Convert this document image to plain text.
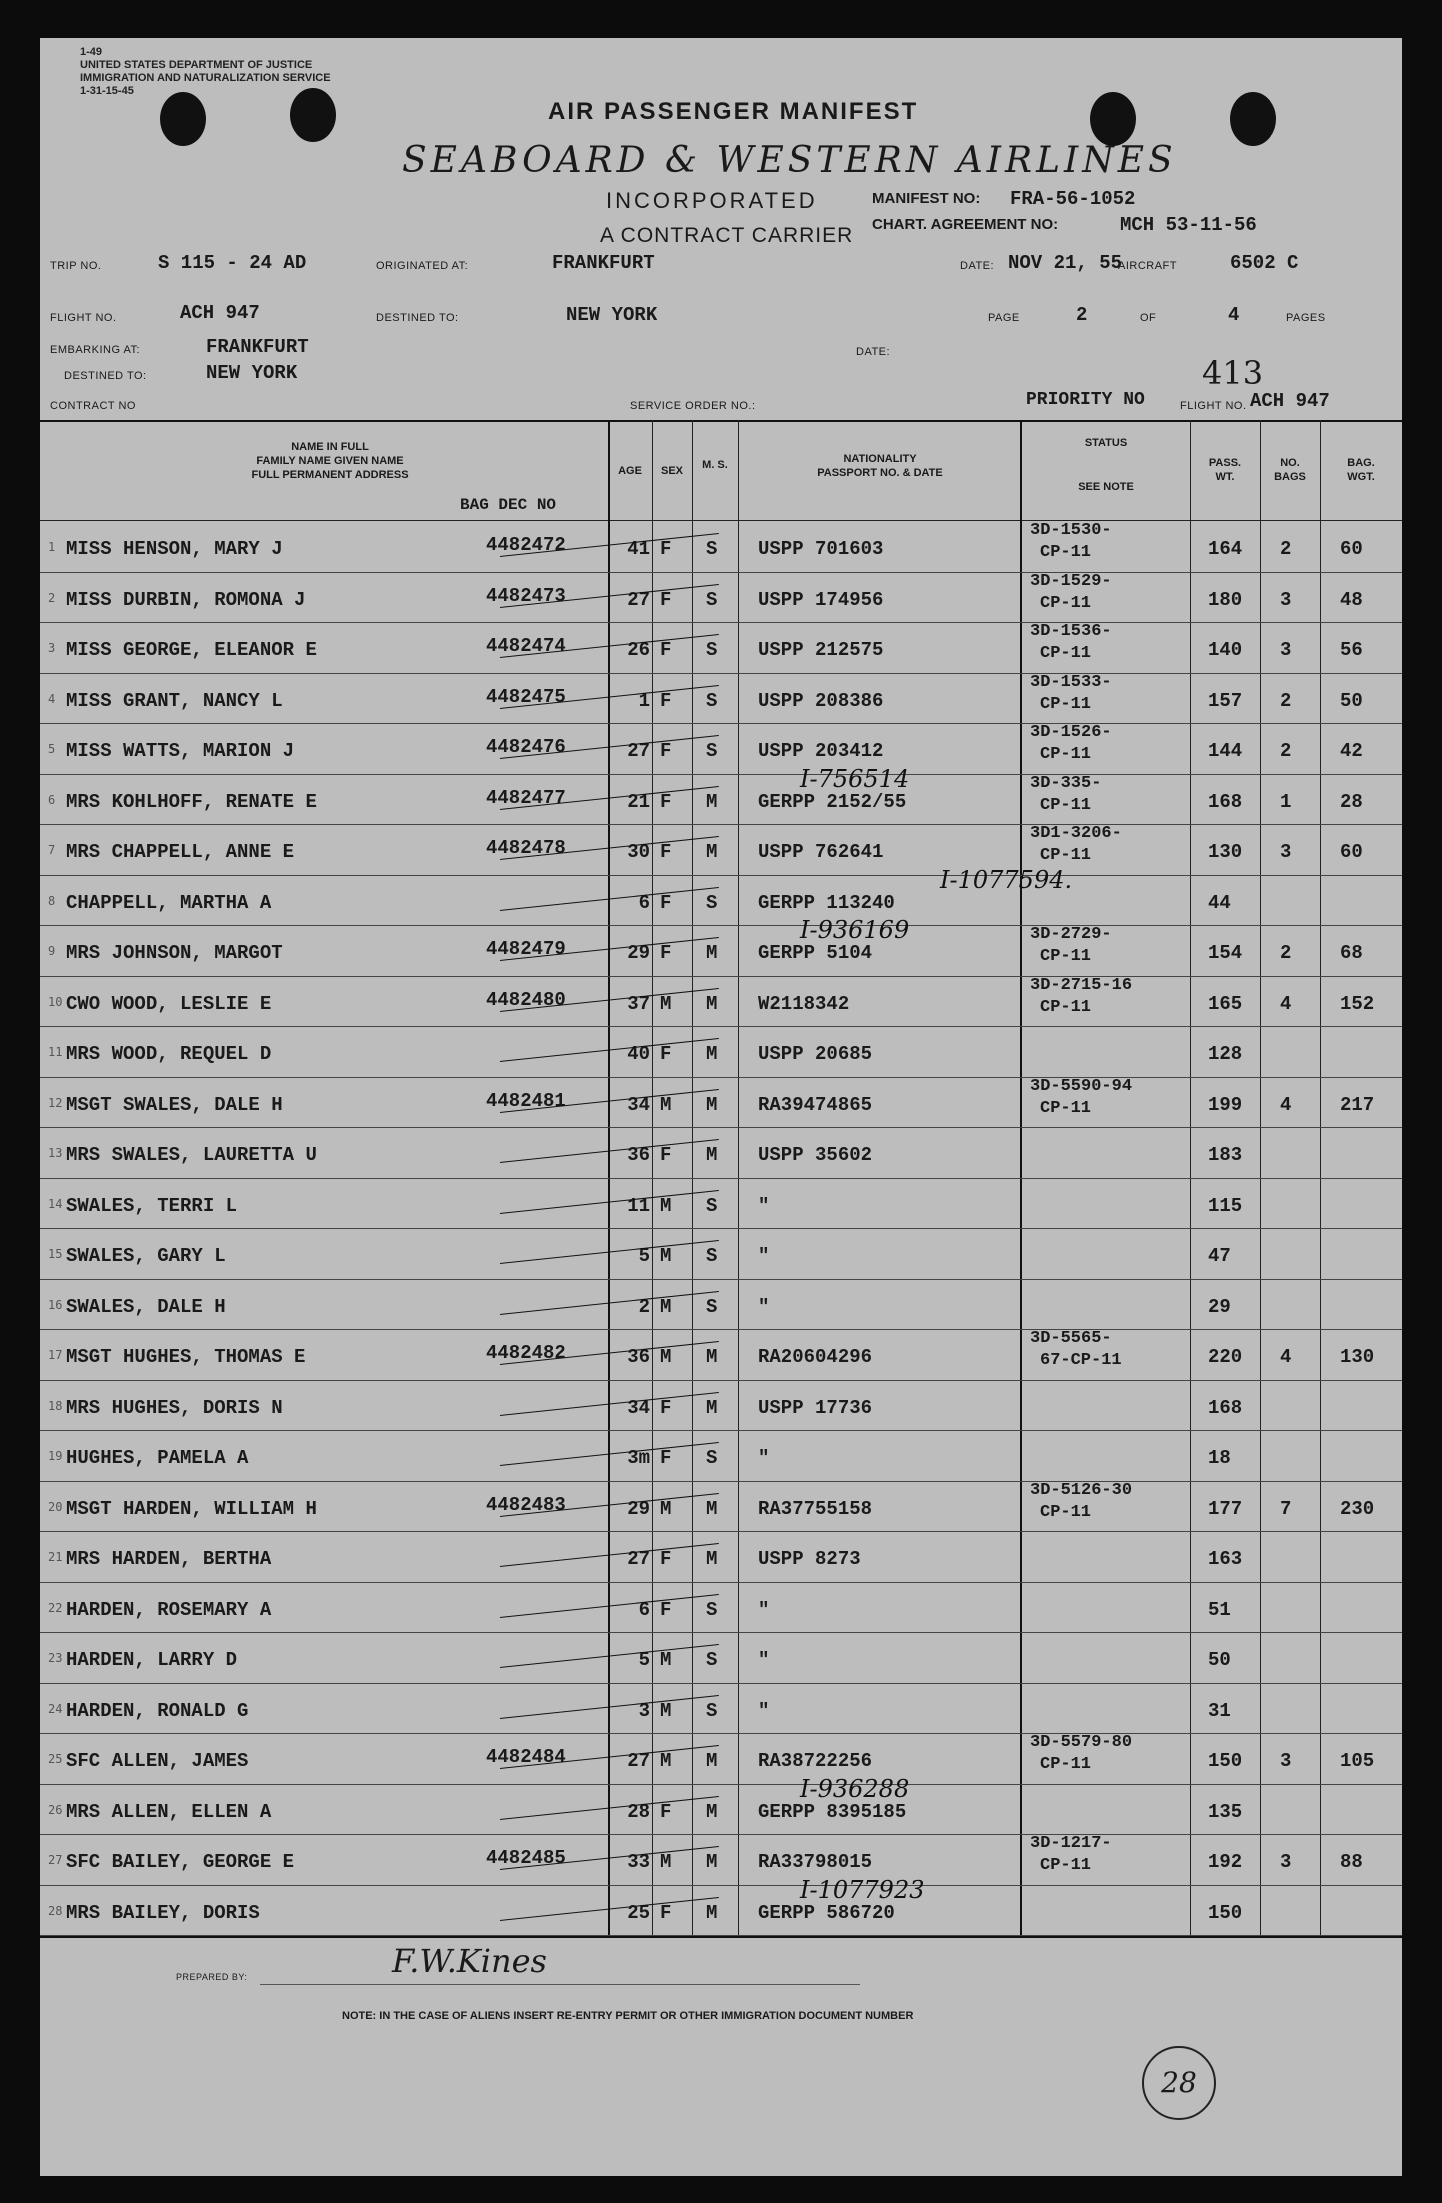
1-49
UNITED STATES DEPARTMENT OF JUSTICE
IMMIGRATION AND NATURALIZATION SERVICE
1-31-15-45
AIR PASSENGER MANIFEST
SEABOARD & WESTERN AIRLINES
INCORPORATED
A CONTRACT CARRIER
MANIFEST NO: FRA-56-1052
CHART. AGREEMENT NO:	MCH 53-11-56
TRIP NO.	S 115 - 24 AD	ORIGINATED AT:	FRANKFURT	DATE: NOV 21, 55
AIRCRAFT	6502 C
FLIGHT NO.	ACH 947	DESTINED TO:	NEW YORK	PAGE	2	OF	4	PAGES
EMBARKING AT:	FRANKFURT	DATE:
DESTINED TO:	NEW YORK	413
CONTRACT NO	SERVICE ORDER NO.:	PRIORITY NO	FLIGHT NO. ACH 947
NAME IN FULL
FAMILY NAME GIVEN NAME
FULL PERMANENT ADDRESS
BAG DEC NO
AGE	SEX	M. S.	NATIONALITY
PASSPORT NO. & DATE
STATUS
SEE NOTE
PASS.
WT.
NO.
BAGS
BAG.
WGT.
1 MISS HENSON, MARY J	4482472	41 F S USPP 701603
3D-1530-
CP-11	164 2	60
2 MISS DURBIN, ROMONA J	4482473	27 F S USPP 174956
3D-1529-
CP-11	180 3	48
3 MISS GEORGE, ELEANOR E	4482474	26 F S USPP 212575
3D-1536-
CP-11	140 3	56
4 MISS GRANT, NANCY L	4482475	1 F S USPP 208386
3D-1533-
CP-11	157 2	50
5 MISS WATTS, MARION J	4482476	27 F S USPP 203412
3D-1526-
CP-11	144 2	42
6 MRS KOHLHOFF, RENATE E	4482477	21 F M GERPP 2152/55
3D-335-
CP-11	168 1	28
I-756514
7 MRS CHAPPELL, ANNE E	4482478	30 F M USPP 762641
3D1-3206-
CP-11	130 3	60
8 CHAPPELL, MARTHA A	6 F S GERPP 113240	44
I-1077594.
9 MRS JOHNSON, MARGOT	4482479	29 F M GERPP 5104
3D-2729-
CP-11	154 2	68
I-936169
10 CWO WOOD, LESLIE E	4482480	37 M M W2118342
3D-2715-16
CP-11	165 4	152
11 MRS WOOD, REQUEL D	40 F M USPP 20685	128
12 MSGT SWALES, DALE H	4482481	34 M M RA39474865
3D-5590-94
CP-11	199 4	217
13 MRS SWALES, LAURETTA U	36 F M USPP 35602	183
14 SWALES, TERRI L	11 M S "	115
15 SWALES, GARY L	5 M S "	47
16 SWALES, DALE H	2 M S "	29
17 MSGT HUGHES, THOMAS E	4482482	36 M M RA20604296
3D-5565-
67-CP-11	220 4	130
18 MRS HUGHES, DORIS N	34 F M USPP 17736	168
19 HUGHES, PAMELA A	3m F S "	18
20 MSGT HARDEN, WILLIAM H	4482483	29 M M RA37755158
3D-5126-30
CP-11	177 7	230
21 MRS HARDEN, BERTHA	27 F M USPP 8273	163
22 HARDEN, ROSEMARY A	6 F S "	51
23 HARDEN, LARRY D	5 M S "	50
24 HARDEN, RONALD G	3 M S "	31
25 SFC ALLEN, JAMES	4482484	27 M M RA38722256
3D-5579-80
CP-11	150 3	105
26 MRS ALLEN, ELLEN A	28 F M GERPP 8395185	135
I-936288
27 SFC BAILEY, GEORGE E	4482485	33 M M RA33798015
3D-1217-
CP-11	192 3	88
28 MRS BAILEY, DORIS	25 F M GERPP 586720	150
I-1077923
PREPARED BY:	F.W.Kines
NOTE: IN THE CASE OF ALIENS INSERT RE-ENTRY PERMIT OR OTHER IMMIGRATION DOCUMENT NUMBER
28
